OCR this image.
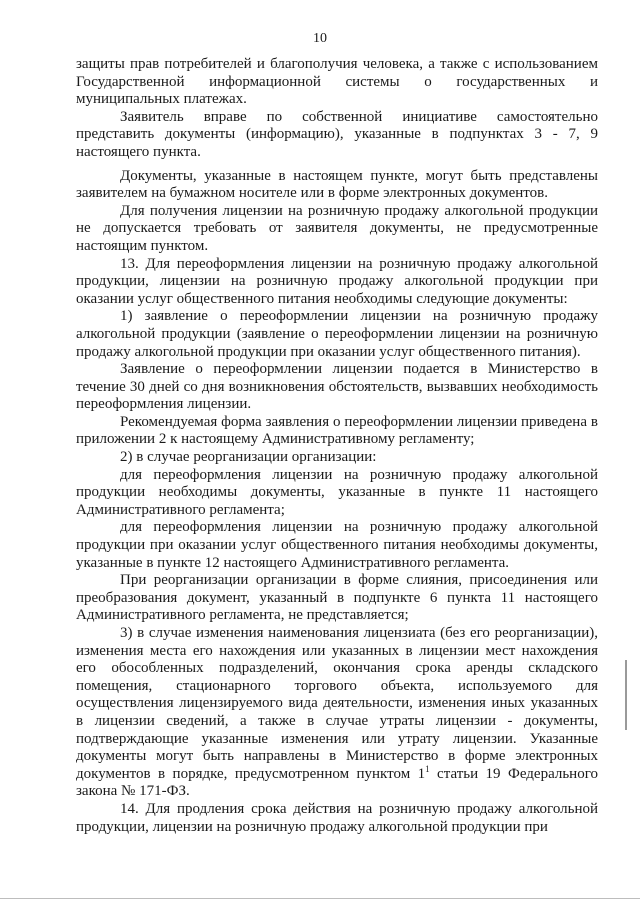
10

защиты прав потребителей и благополучия человека, а также с использованием Государственной информационной системы о государственных и муниципальных платежах.

Заявитель вправе по собственной инициативе самостоятельно представить документы (информацию), указанные в подпунктах 3 - 7, 9 настоящего пункта.

Документы, указанные в настоящем пункте, могут быть представлены заявителем на бумажном носителе или в форме электронных документов.

Для получения лицензии на розничную продажу алкогольной продукции не допускается требовать от заявителя документы, не предусмотренные настоящим пунктом.

13. Для переоформления лицензии на розничную продажу алкогольной продукции, лицензии на розничную продажу алкогольной продукции при оказании услуг общественного питания необходимы следующие документы:

1) заявление о переоформлении лицензии на розничную продажу алкогольной продукции (заявление о переоформлении лицензии на розничную продажу алкогольной продукции при оказании услуг общественного питания).

Заявление о переоформлении лицензии подается в Министерство в течение 30 дней со дня возникновения обстоятельств, вызвавших необходимость переоформления лицензии.

Рекомендуемая форма заявления о переоформлении лицензии приведена в приложении 2 к настоящему Административному регламенту;

2) в случае реорганизации организации:

для переоформления лицензии на розничную продажу алкогольной продукции необходимы документы, указанные в пункте 11 настоящего Административного регламента;

для переоформления лицензии на розничную продажу алкогольной продукции при оказании услуг общественного питания необходимы документы, указанные в пункте 12 настоящего Административного регламента.

При реорганизации организации в форме слияния, присоединения или преобразования документ, указанный в подпункте 6 пункта 11 настоящего Административного регламента, не представляется;

3) в случае изменения наименования лицензиата (без его реорганизации), изменения места его нахождения или указанных в лицензии мест нахождения его обособленных подразделений, окончания срока аренды складского помещения, стационарного торгового объекта, используемого для осуществления лицензируемого вида деятельности, изменения иных указанных в лицензии сведений, а также в случае утраты лицензии - документы, подтверждающие указанные изменения или утрату лицензии. Указанные документы могут быть направлены в Министерство в форме электронных документов в порядке, предусмотренном пунктом $1^1$ статьи 19 Федерального закона № 171-ФЗ.

14. Для продления срока действия на розничную продажу алкогольной продукции, лицензии на розничную продажу алкогольной продукции при
